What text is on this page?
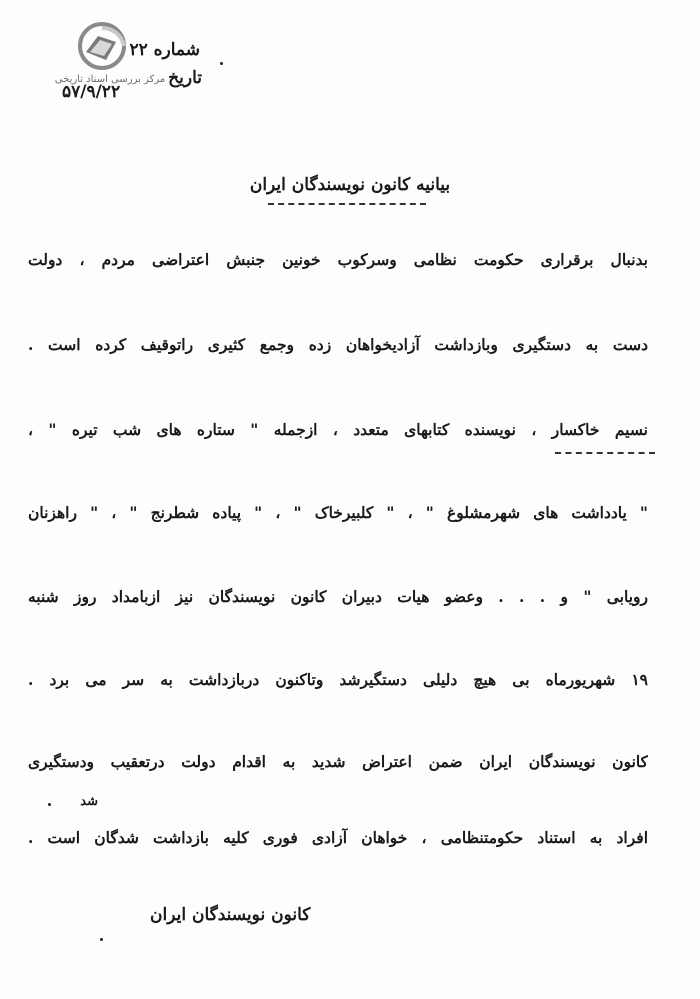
مرکز بررسی اسناد تاریخی
شماره ۲۲
تاریخ
۵۷/۹/۲۲
بیانیه کانون نویسندگان ایران
بدنبال برقراری حکومت نظامی وسرکوب خونین جنبش اعتراضی مردم ، دولت
دست به دستگیری وبازداشت آزادیخواهان زده وجمع کثیری راتوقیف کرده است .
نسیم خاکسار ، نویسنده کتابهای متعدد ، ازجمله " ستاره های شب تیره " ،
" یادداشت های شهرمشلوغ " ، " کلبیرخاک " ، " پیاده شطرنج " ، " راهزنان
رویابی " و . . . وعضو هیات دبیران کانون نویسندگان نیز ازبامداد روز شنبه
۱۹ شهریورماه بی هیچ دلیلی دستگیرشد وتاکنون دربازداشت به سر می برد .
کانون نویسندگان ایران ضمن اعتراض شدید به اقدام دولت درتعقیب ودستگیری
شد
افراد به استناد حکومتنظامی ، خواهان آزادی فوری کلیه بازداشت شدگان است .
کانون نویسندگان ایران
